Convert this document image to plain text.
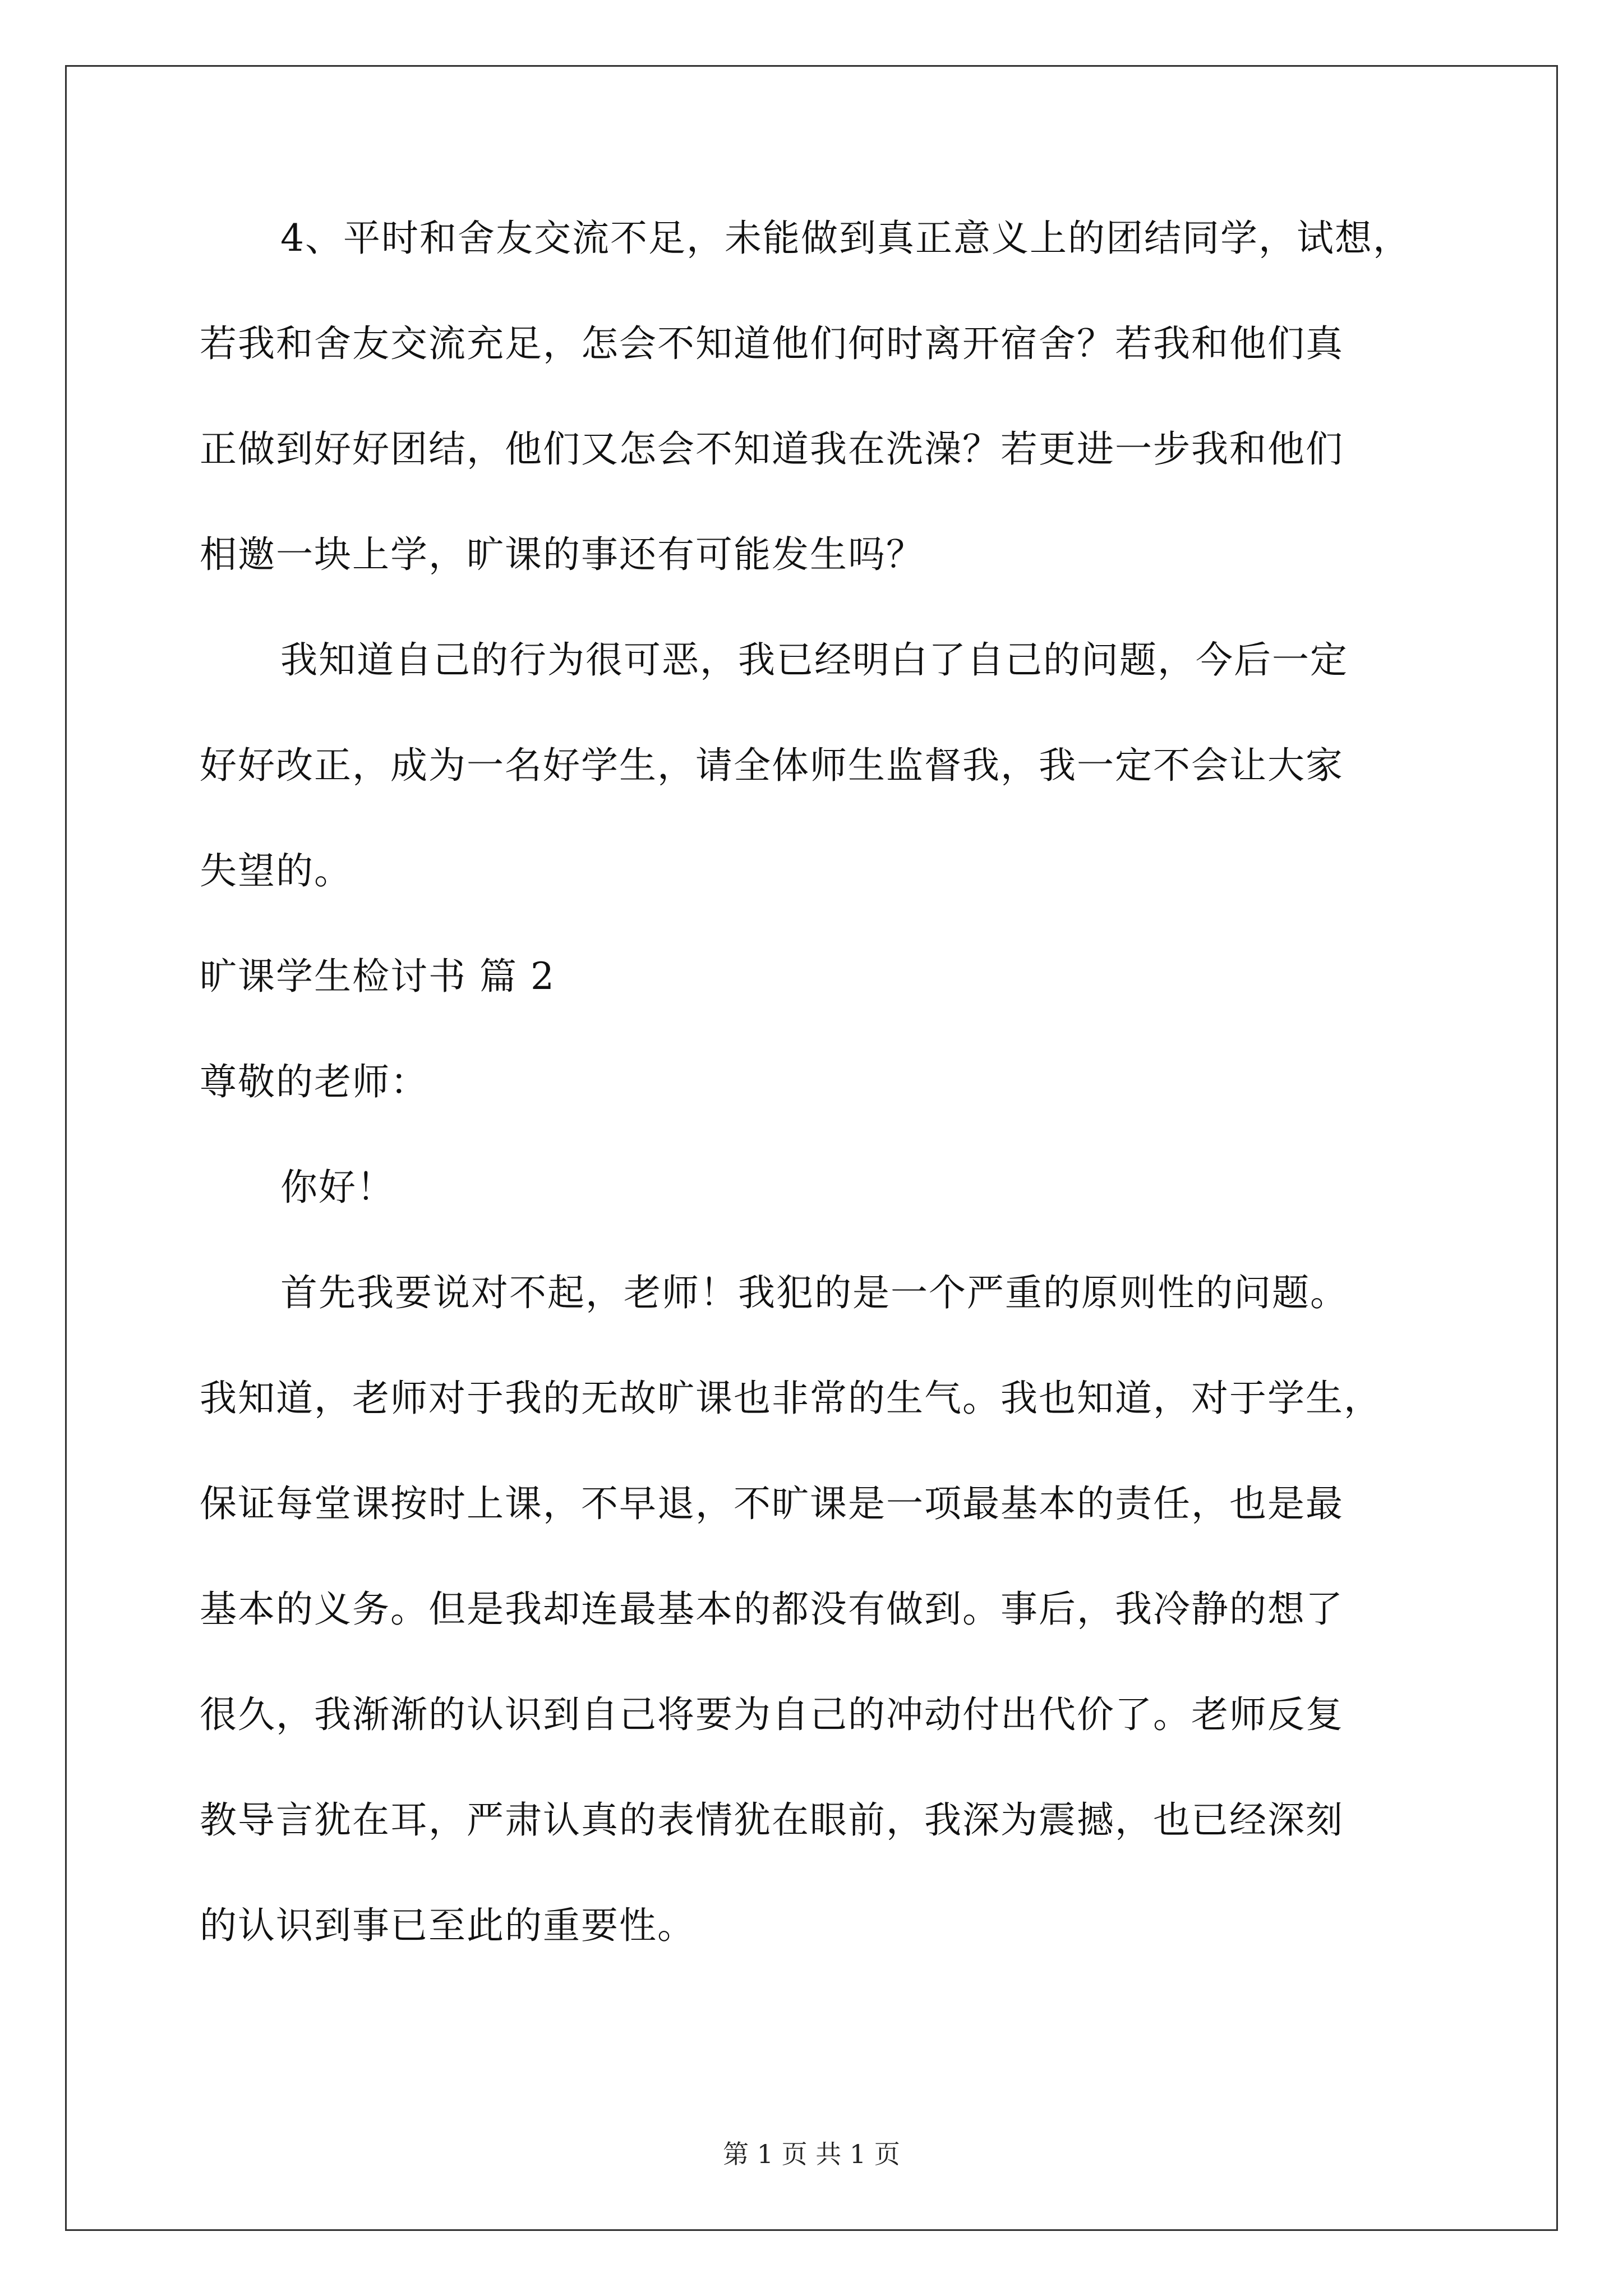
4、平时和舍友交流不足，未能做到真正意义上的团结同学，试想，
若我和舍友交流充足，怎会不知道他们何时离开宿舍？若我和他们真
正做到好好团结，他们又怎会不知道我在洗澡？若更进一步我和他们
相邀一块上学，旷课的事还有可能发生吗？
我知道自己的行为很可恶，我已经明白了自己的问题，今后一定
好好改正，成为一名好学生，请全体师生监督我，我一定不会让大家
失望的。
旷课学生检讨书 篇 2
尊敬的老师：
你好！
首先我要说对不起，老师！我犯的是一个严重的原则性的问题。
我知道，老师对于我的无故旷课也非常的生气。我也知道，对于学生，
保证每堂课按时上课，不早退，不旷课是一项最基本的责任，也是最
基本的义务。但是我却连最基本的都没有做到。事后，我冷静的想了
很久，我渐渐的认识到自己将要为自己的冲动付出代价了。老师反复
教导言犹在耳，严肃认真的表情犹在眼前，我深为震撼，也已经深刻
的认识到事已至此的重要性。
第 1 页 共 1 页
